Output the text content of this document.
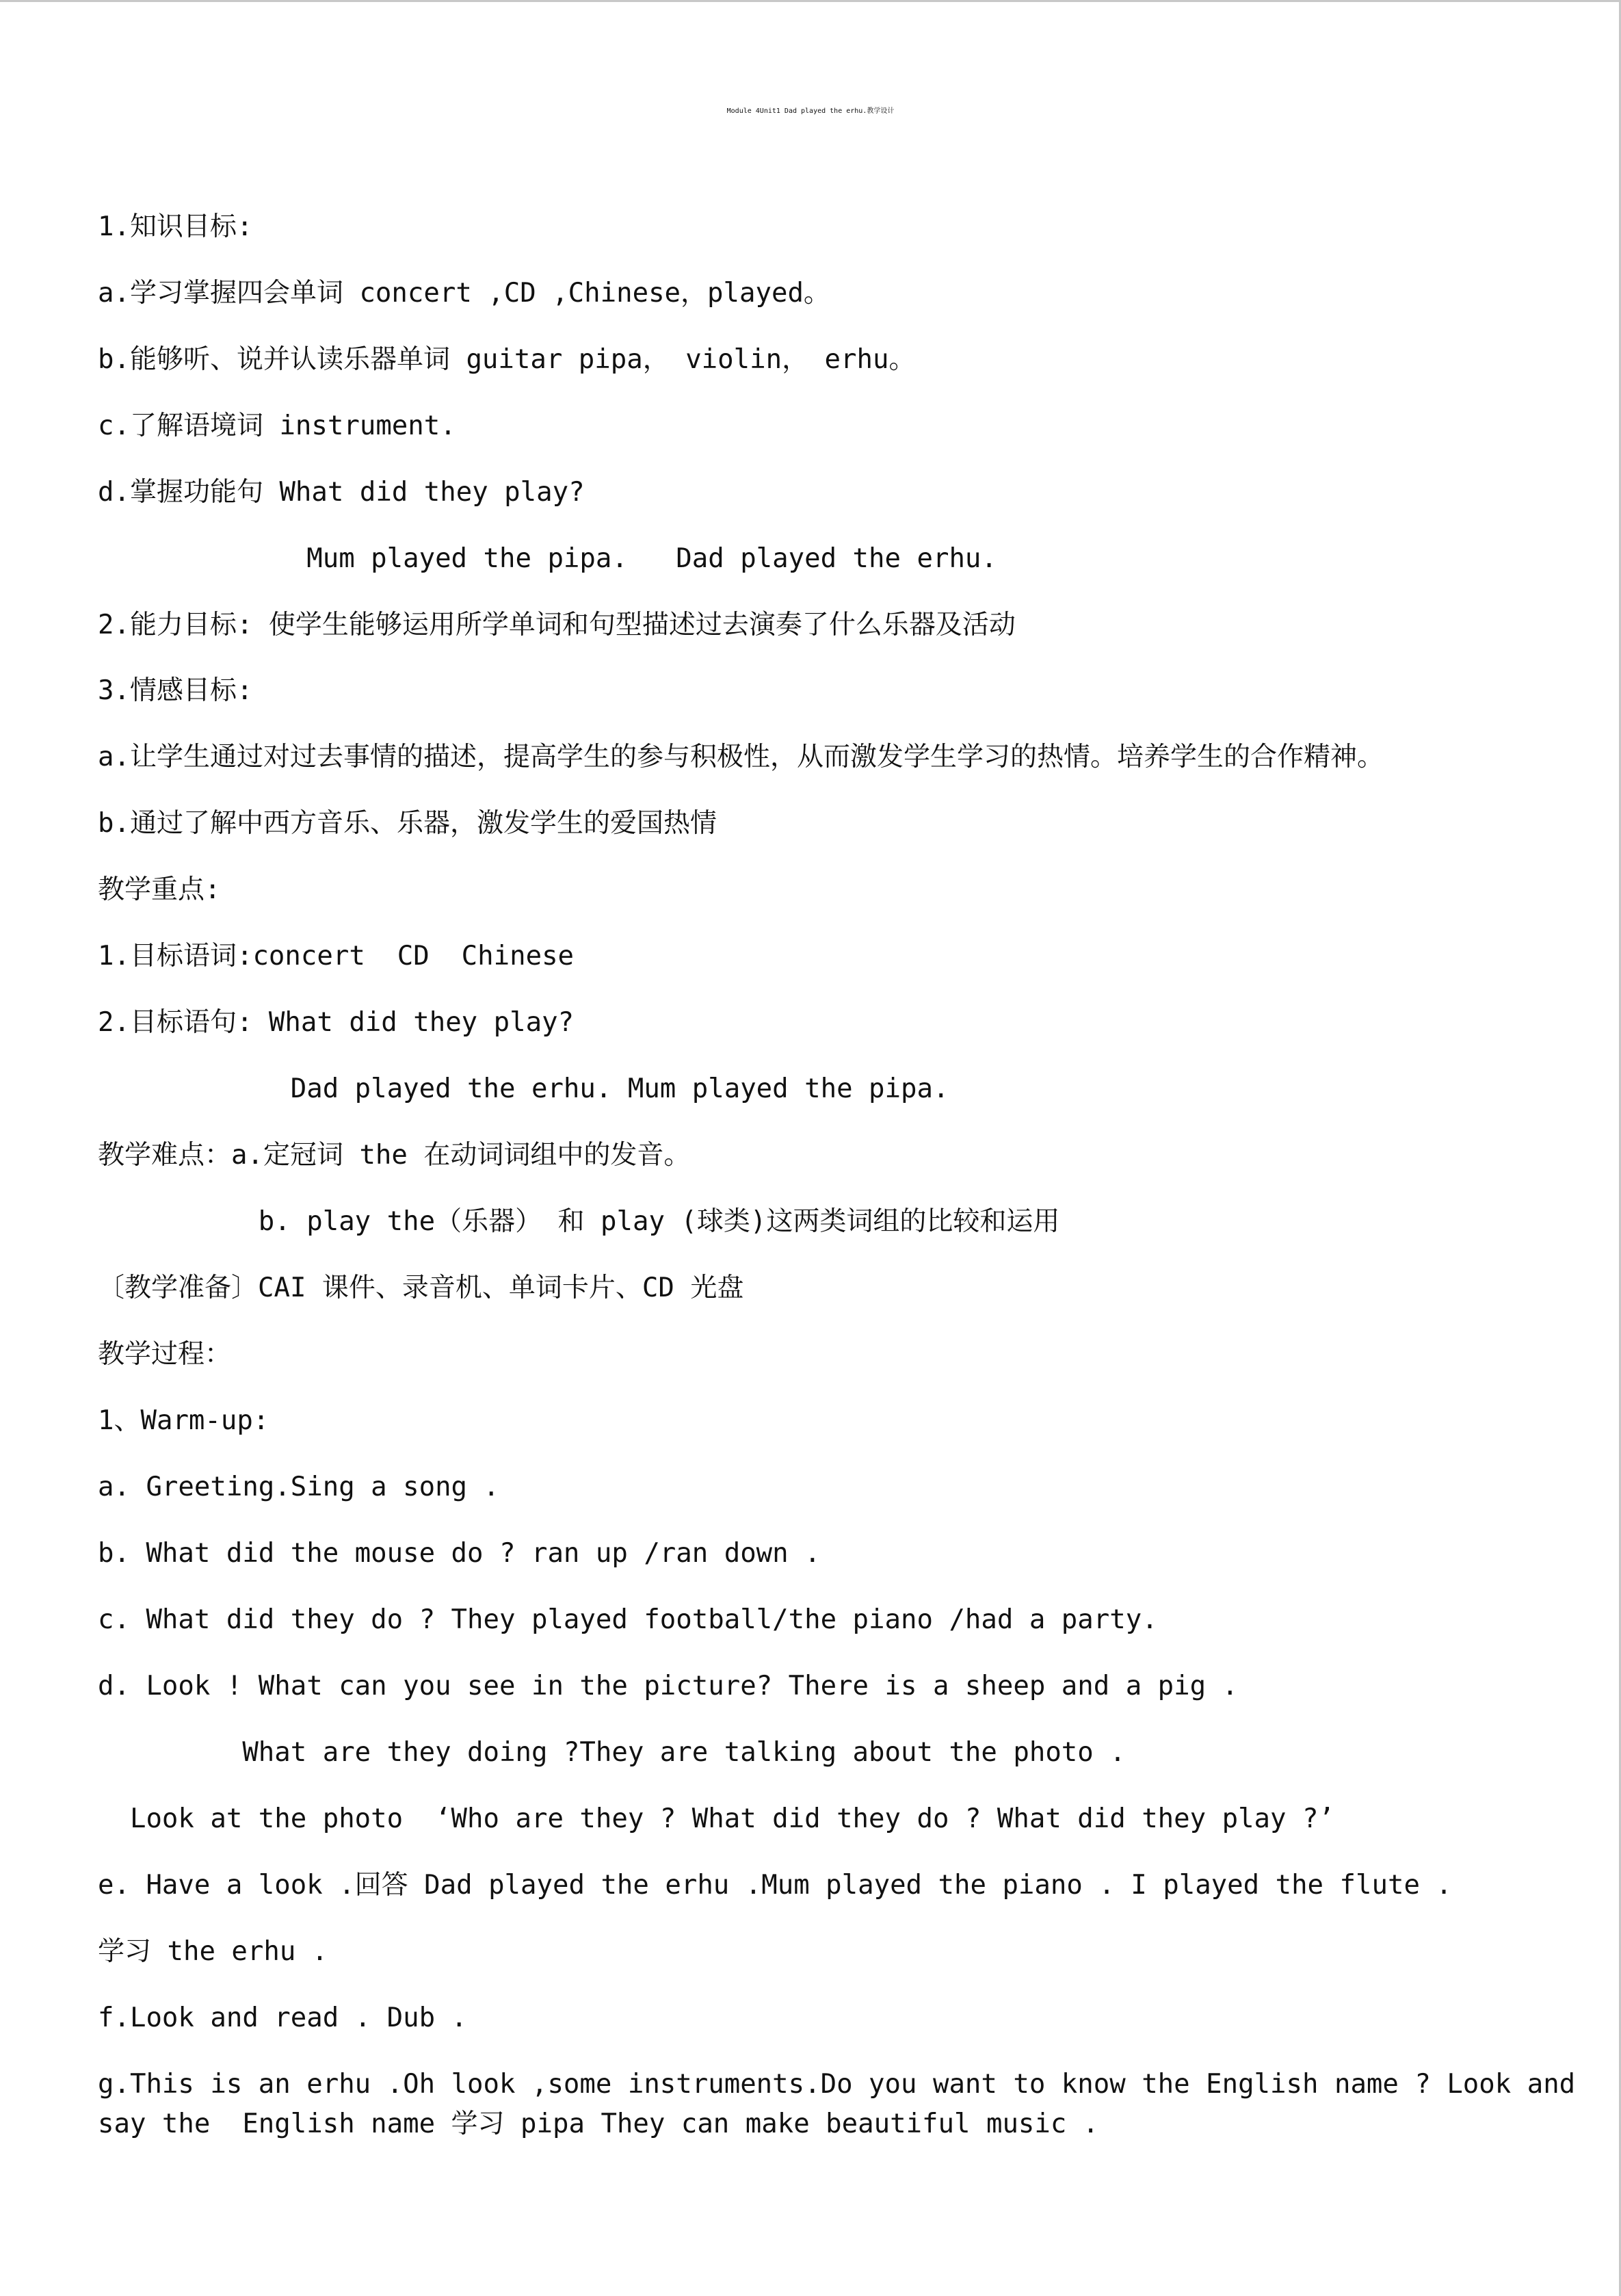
Module 4Unit1 Dad played the erhu.教学设计
1.知识目标:
a.学习掌握四会单词 concert ,CD ,Chinese，played。
b.能够听、说并认读乐器单词 guitar pipa， violin， erhu。
c.了解语境词 instrument.
d.掌握功能句 What did they play?
Mum played the pipa.   Dad played the erhu.
2.能力目标: 使学生能够运用所学单词和句型描述过去演奏了什么乐器及活动
3.情感目标:
a.让学生通过对过去事情的描述，提高学生的参与积极性，从而激发学生学习的热情。培养学生的合作精神。
b.通过了解中西方音乐、乐器，激发学生的爱国热情
教学重点:
1.目标语词:concert  CD  Chinese
2.目标语句: What did they play?
Dad played the erhu. Mum played the pipa.
教学难点：a.定冠词 the 在动词词组中的发音。
b. play the（乐器） 和 play (球类)这两类词组的比较和运用
〔教学准备〕CAI 课件、录音机、单词卡片、CD 光盘
教学过程：
1、Warm-up:
a. Greeting.Sing a song .
b. What did the mouse do ? ran up /ran down .
c. What did they do ? They played football/the piano /had a party.
d. Look ! What can you see in the picture? There is a sheep and a pig .
What are they doing ?They are talking about the photo .
Look at the photo  ‘Who are they ? What did they do ? What did they play ?’
e. Have a look .回答 Dad played the erhu .Mum played the piano . I played the flute .
学习 the erhu .
f.Look and read . Dub .
g.This is an erhu .Oh look ,some instruments.Do you want to know the English name ? Look and
say the  English name 学习 pipa They can make beautiful music .
